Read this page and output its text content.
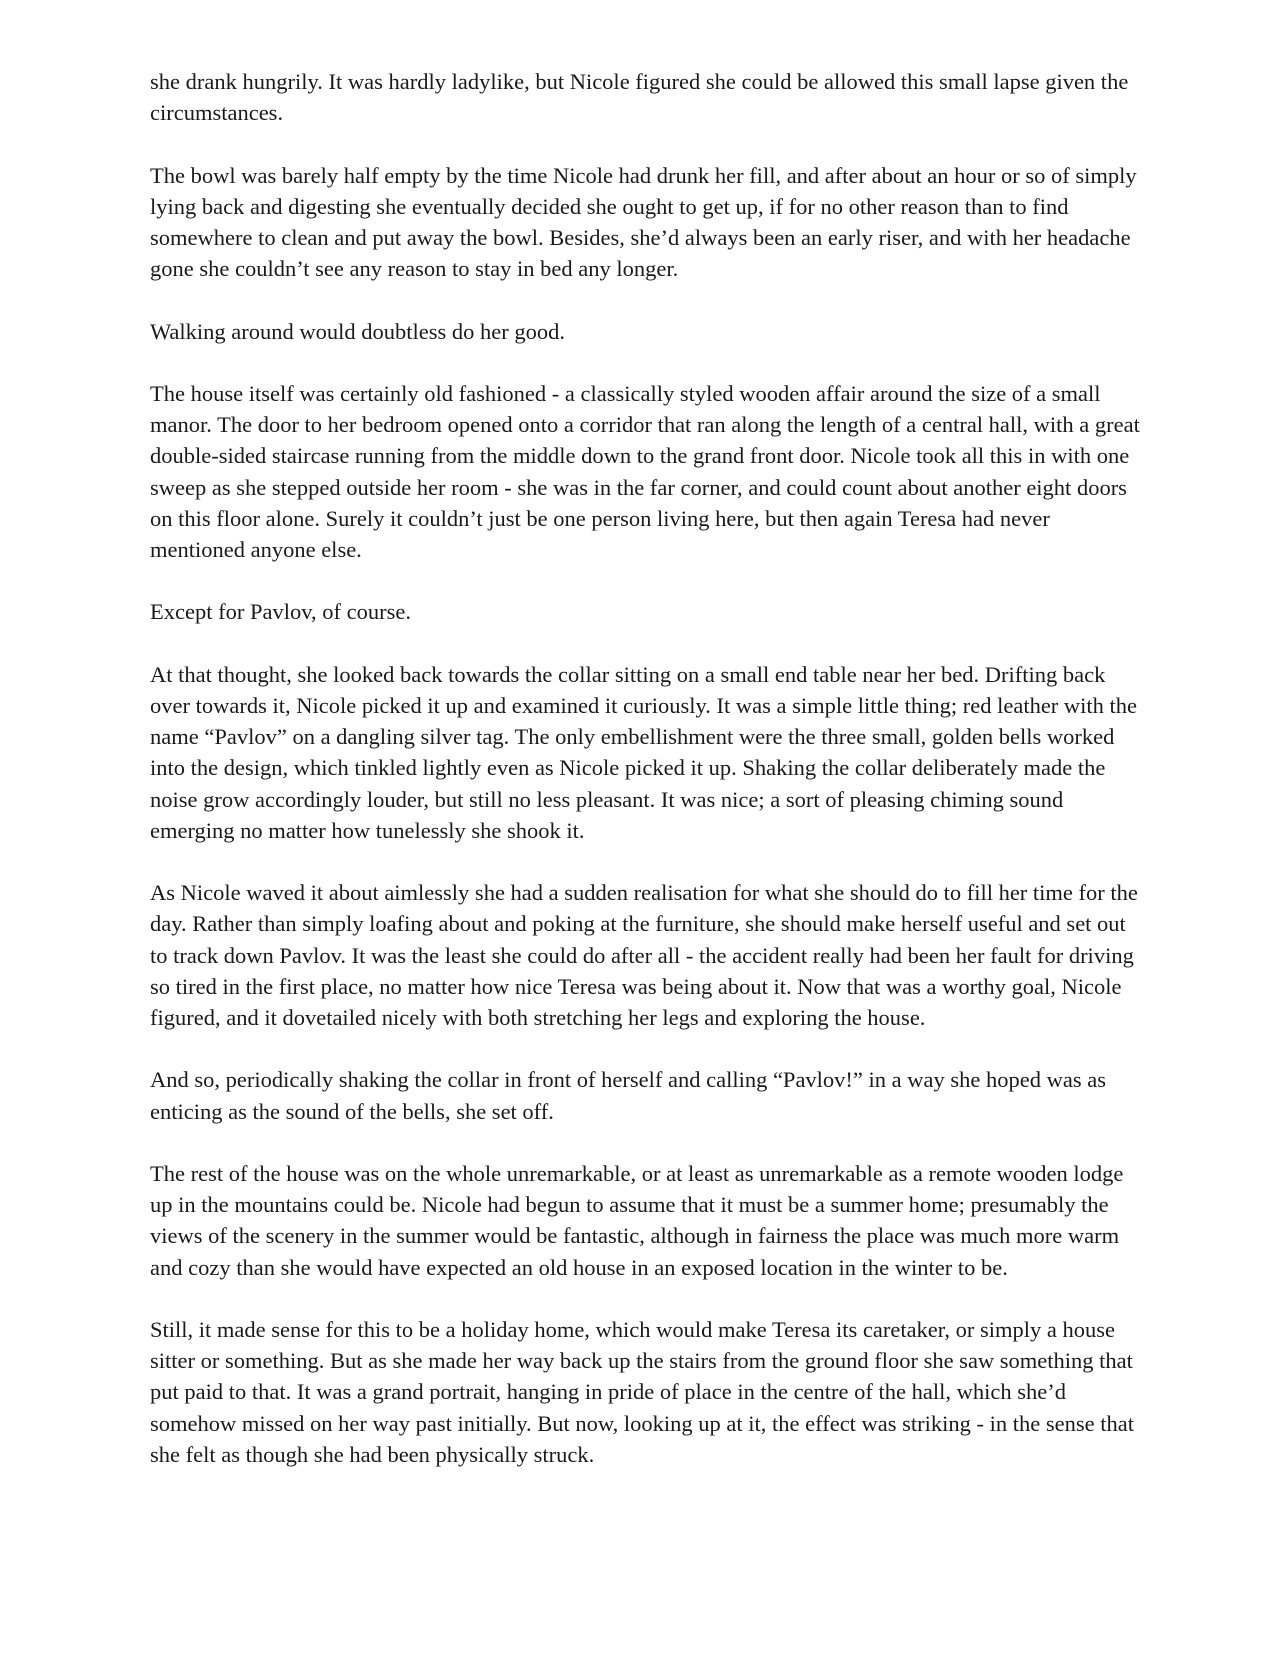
she drank hungrily. It was hardly ladylike, but Nicole figured she could be allowed this small lapse given the circumstances.

The bowl was barely half empty by the time Nicole had drunk her fill, and after about an hour or so of simply lying back and digesting she eventually decided she ought to get up, if for no other reason than to find somewhere to clean and put away the bowl. Besides, she’d always been an early riser, and with her headache gone she couldn’t see any reason to stay in bed any longer.

Walking around would doubtless do her good.

The house itself was certainly old fashioned - a classically styled wooden affair around the size of a small manor. The door to her bedroom opened onto a corridor that ran along the length of a central hall, with a great double-sided staircase running from the middle down to the grand front door. Nicole took all this in with one sweep as she stepped outside her room - she was in the far corner, and could count about another eight doors on this floor alone. Surely it couldn’t just be one person living here, but then again Teresa had never mentioned anyone else.

Except for Pavlov, of course.

At that thought, she looked back towards the collar sitting on a small end table near her bed. Drifting back over towards it, Nicole picked it up and examined it curiously. It was a simple little thing; red leather with the name “Pavlov” on a dangling silver tag. The only embellishment were the three small, golden bells worked into the design, which tinkled lightly even as Nicole picked it up. Shaking the collar deliberately made the noise grow accordingly louder, but still no less pleasant. It was nice; a sort of pleasing chiming sound emerging no matter how tunelessly she shook it.

As Nicole waved it about aimlessly she had a sudden realisation for what she should do to fill her time for the day. Rather than simply loafing about and poking at the furniture, she should make herself useful and set out to track down Pavlov. It was the least she could do after all - the accident really had been her fault for driving so tired in the first place, no matter how nice Teresa was being about it. Now that was a worthy goal, Nicole figured, and it dovetailed nicely with both stretching her legs and exploring the house.

And so, periodically shaking the collar in front of herself and calling “Pavlov!” in a way she hoped was as enticing as the sound of the bells, she set off.

The rest of the house was on the whole unremarkable, or at least as unremarkable as a remote wooden lodge up in the mountains could be. Nicole had begun to assume that it must be a summer home; presumably the views of the scenery in the summer would be fantastic, although in fairness the place was much more warm and cozy than she would have expected an old house in an exposed location in the winter to be.

Still, it made sense for this to be a holiday home, which would make Teresa its caretaker, or simply a house sitter or something. But as she made her way back up the stairs from the ground floor she saw something that put paid to that. It was a grand portrait, hanging in pride of place in the centre of the hall, which she’d somehow missed on her way past initially. But now, looking up at it, the effect was striking - in the sense that she felt as though she had been physically struck.
